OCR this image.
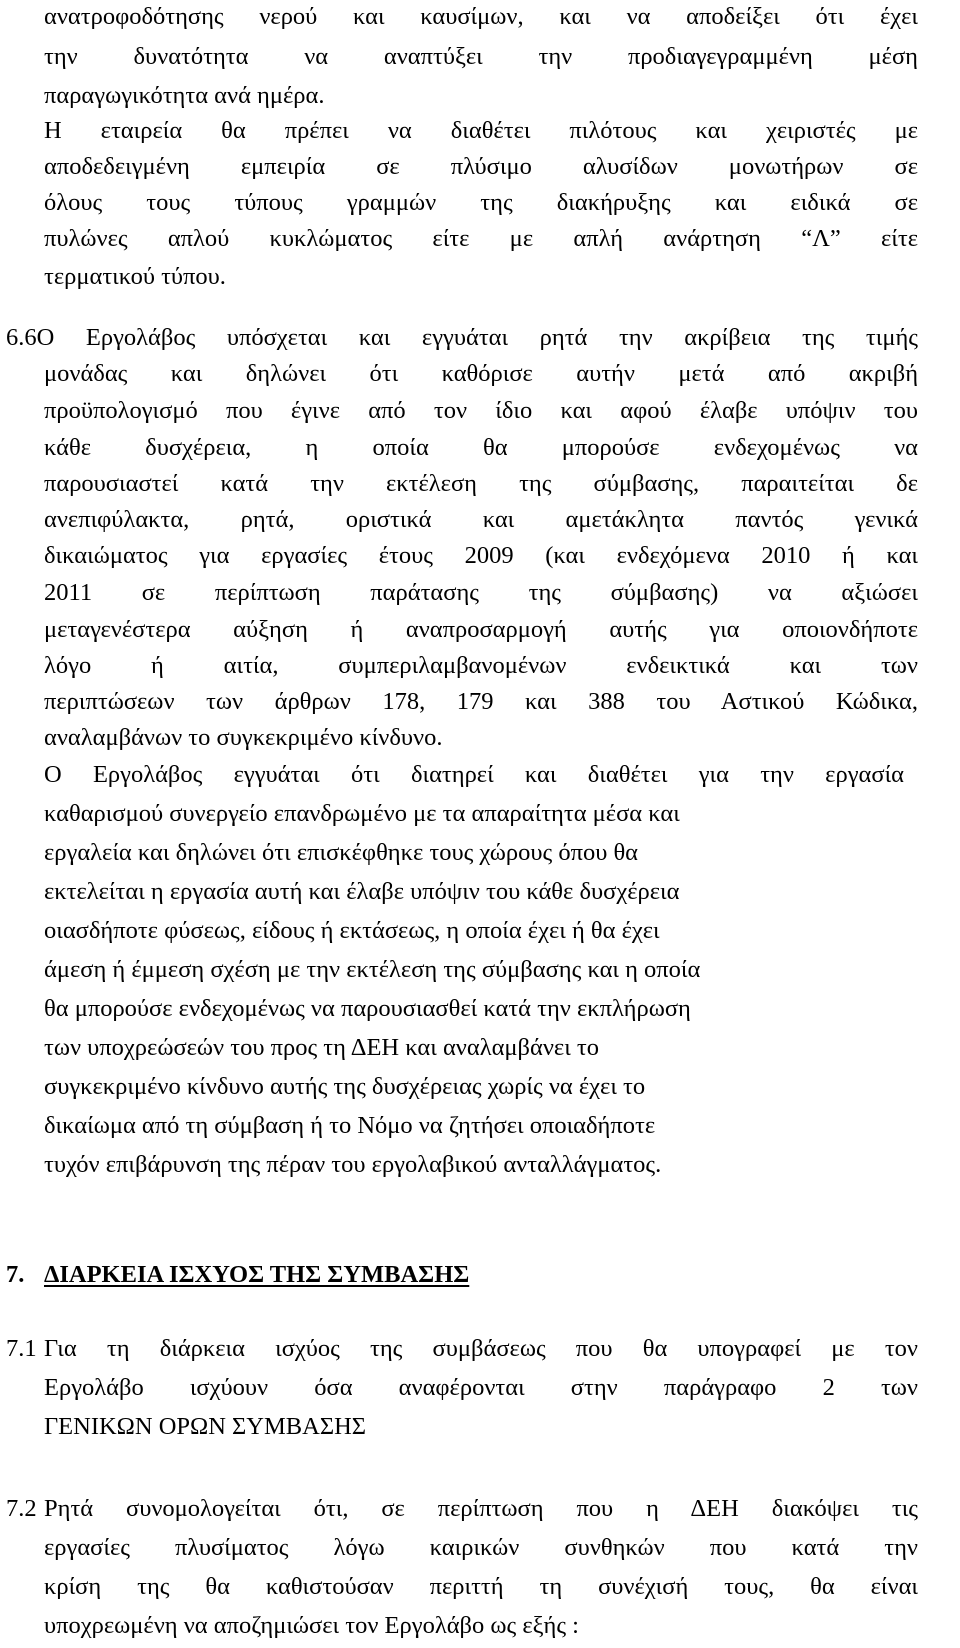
ανατροφοδότησης νερού και καυσίμων, και να αποδείξει ότι έχει
την δυνατότητα να αναπτύξει την προδιαγεγραμμένη μέση
παραγωγικότητα ανά ημέρα.
Η εταιρεία θα πρέπει να διαθέτει πιλότους και χειριστές με
αποδεδειγμένη εμπειρία σε πλύσιμο αλυσίδων μονωτήρων σε
όλους τους τύπους γραμμών της διακήρυξης και ειδικά σε
πυλώνες απλού κυκλώματος είτε με απλή ανάρτηση “Λ” είτε
τερματικού τύπου.
6.6Ο Εργολάβος υπόσχεται και εγγυάται ρητά την ακρίβεια της τιμής
μονάδας και δηλώνει ότι καθόρισε αυτήν μετά από ακριβή
προϋπολογισμό που έγινε από τον ίδιο και αφού έλαβε υπόψιν του
κάθε δυσχέρεια, η οποία θα μπορούσε ενδεχομένως να
παρουσιαστεί κατά την εκτέλεση της σύμβασης, παραιτείται δε
ανεπιφύλακτα, ρητά, οριστικά και αμετάκλητα παντός γενικά
δικαιώματος για εργασίες έτους 2009 (και ενδεχόμενα 2010 ή και
2011 σε περίπτωση παράτασης της σύμβασης) να αξιώσει
μεταγενέστερα αύξηση ή αναπροσαρμογή αυτής για οποιονδήποτε
λόγο ή αιτία, συμπεριλαμβανομένων ενδεικτικά και των
περιπτώσεων των άρθρων 178, 179 και 388 του Αστικού Κώδικα,
αναλαμβάνων το συγκεκριμένο κίνδυνο.
Ο Εργολάβος εγγυάται ότι διατηρεί και διαθέτει για την εργασία
καθαρισμού συνεργείο επανδρωμένο με τα απαραίτητα μέσα και
εργαλεία και δηλώνει ότι επισκέφθηκε τους χώρους όπου θα
εκτελείται η εργασία αυτή και έλαβε υπόψιν του κάθε δυσχέρεια
οιασδήποτε φύσεως, είδους ή εκτάσεως, η οποία έχει ή θα έχει
άμεση ή έμμεση σχέση με την εκτέλεση της σύμβασης και η οποία
θα μπορούσε ενδεχομένως να παρουσιασθεί κατά την εκπλήρωση
των υποχρεώσεών του προς τη ΔΕΗ και αναλαμβάνει το
συγκεκριμένο κίνδυνο αυτής της δυσχέρειας χωρίς να έχει το
δικαίωμα από τη σύμβαση ή το Νόμο να ζητήσει οποιαδήποτε
τυχόν επιβάρυνση της πέραν του εργολαβικού ανταλλάγματος.
7. ΔΙΑΡΚΕΙΑ ΙΣΧΥΟΣ ΤΗΣ ΣΥΜΒΑΣΗΣ
7.1 Για τη διάρκεια ισχύος της συμβάσεως που θα υπογραφεί με τον
Εργολάβο ισχύουν όσα αναφέρονται στην παράγραφο 2 των
ΓΕΝΙΚΩΝ ΟΡΩΝ ΣΥΜΒΑΣΗΣ
7.2 Ρητά συνομολογείται ότι, σε περίπτωση που η ΔΕΗ διακόψει τις
εργασίες πλυσίματος λόγω καιρικών συνθηκών που κατά την
κρίση της θα καθιστούσαν περιττή τη συνέχισή τους, θα είναι
υποχρεωμένη να αποζημιώσει τον Εργολάβο ως εξής :
